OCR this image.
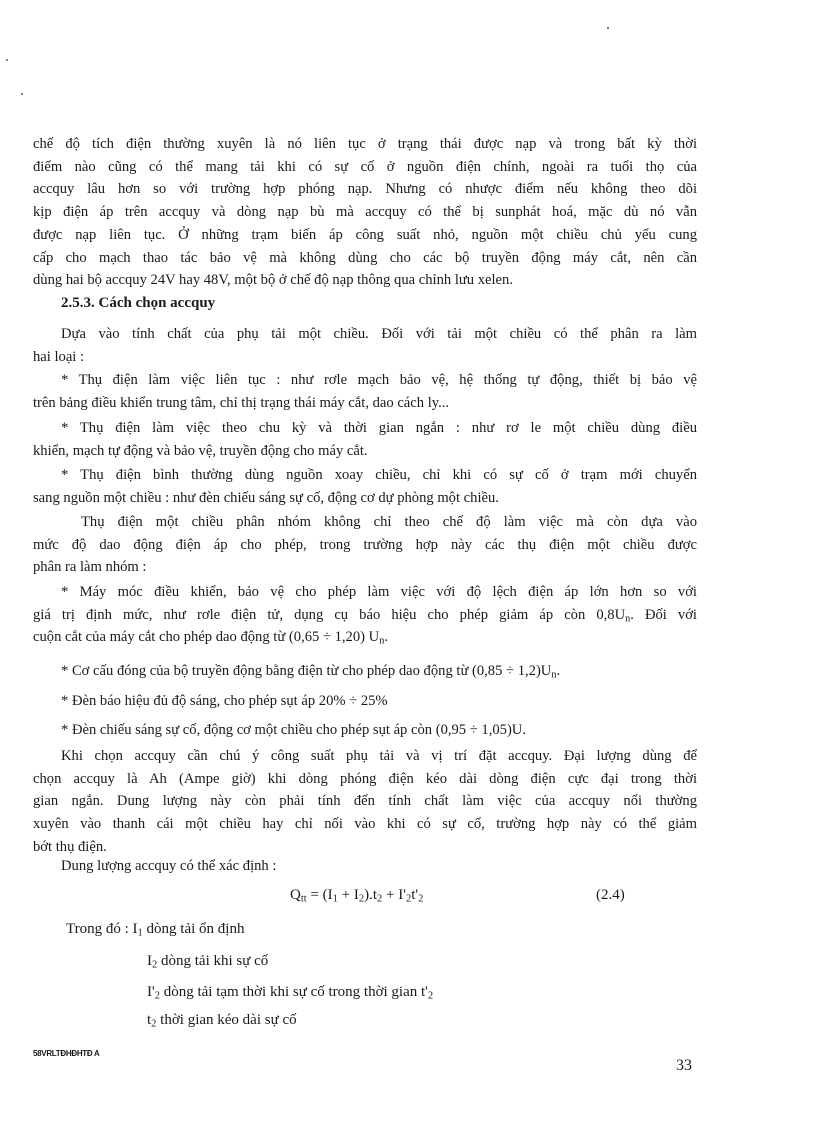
chế độ tích điện thường xuyên là nó liên tục ở trạng thái được nạp và trong bất kỳ thời
điểm nào cũng có thể mang tải khi có sự cố ở nguồn điện chính, ngoài ra tuổi thọ của
accquy lâu hơn so với trường hợp phóng nạp. Nhưng có nhược điểm nếu không theo dõi
kịp điện áp trên accquy và dòng nạp bù mà accquy có thể bị sunphát hoá, mặc dù nó vẫn
được nạp liên tục. Ở những trạm biến áp công suất nhỏ, nguồn một chiều chủ yếu cung
cấp cho mạch thao tác bảo vệ mà không dùng cho các bộ truyền động máy cắt, nên cần
dùng hai bộ accquy 24V hay 48V, một bộ ở chế độ nạp thông qua chỉnh lưu xelen.
2.5.3. Cách chọn accquy
Dựa vào tính chất của phụ tải một chiều. Đối với tải một chiều có thể phân ra làm
hai loại :
* Thụ điện làm việc liên tục : như rơle mạch bảo vệ, hệ thống tự động, thiết bị bảo vệ
trên bảng điều khiển trung tâm, chỉ thị trạng thái máy cắt, dao cách ly...
* Thụ điện làm việc theo chu kỳ và thời gian ngắn : như rơ le một chiều dùng điều
khiển, mạch tự động và bảo vệ, truyền động cho máy cắt.
* Thụ điện bình thường dùng nguồn xoay chiều, chỉ khi có sự cố ở trạm mới chuyển
sang nguồn một chiều : như đèn chiếu sáng sự cố, động cơ dự phòng một chiều.
Thụ điện một chiều phân nhóm không chỉ theo chế độ làm việc mà còn dựa vào
mức độ dao động điện áp cho phép, trong trường hợp này các thụ điện một chiều được
phân ra làm nhóm :
* Máy móc điều khiển, bảo vệ cho phép làm việc với độ lệch điện áp lớn hơn so với
giá trị định mức, như rơle điện tử, dụng cụ báo hiệu cho phép giảm áp còn $0,8U_n$. Đối với
cuộn cắt của máy cắt cho phép dao động từ (0,65 ÷ 1,20) $U_n$.
* Cơ cấu đóng của bộ truyền động bằng điện từ cho phép dao động từ $(0,85 \div 1,2)U_n$.
* Đèn báo hiệu đủ độ sáng, cho phép sụt áp 20% ÷ 25%
* Đèn chiếu sáng sự cố, động cơ một chiều cho phép sụt áp còn (0,95 ÷ 1,05)U.
Khi chọn accquy cần chú ý công suất phụ tải và vị trí đặt accquy. Đại lượng dùng để
chọn accquy là Ah (Ampe giờ) khi dòng phóng điện kéo dài dòng điện cực đại trong thời
gian ngắn. Dung lượng này còn phải tính đến tính chất làm việc của accquy nối thường
xuyên vào thanh cái một chiều hay chỉ nối vào khi có sự cố, trường hợp này có thể giảm
bớt thụ điện.
Dung lượng accquy có thể xác định :
$Q_{tt} = (I_1 + I_2).t_2 + I'_2t'_2$	(2.4)
Trong đó : $I_1$ dòng tải ổn định
$I_2$ dòng tải khi sự cố
$I'_2$ dòng tải tạm thời khi sự cố trong thời gian $t'_2$
$t_2$ thời gian kéo dài sự cố
58VRLTĐHĐHTĐ A
33
